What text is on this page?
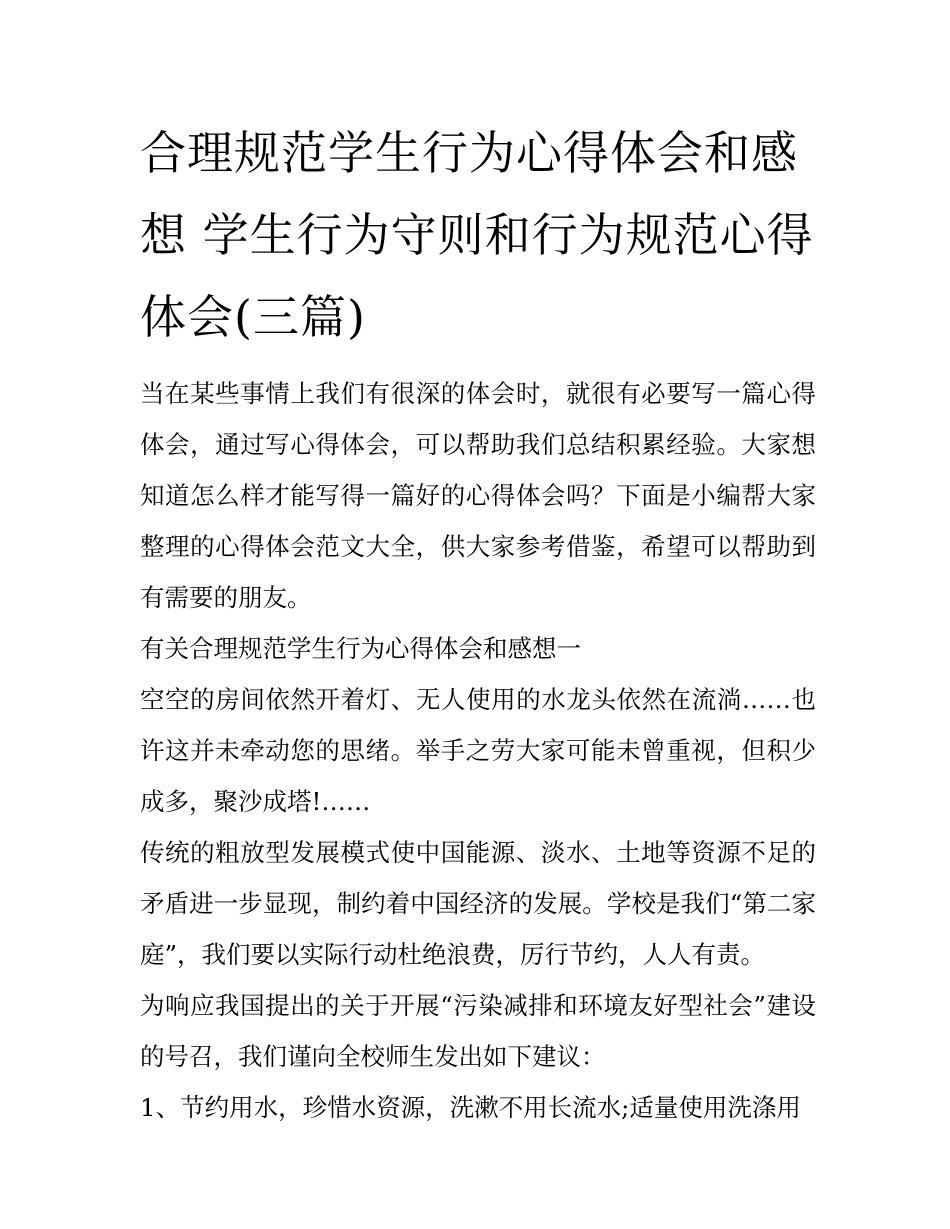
合理规范学生行为心得体会和感想 学生行为守则和行为规范心得体会(三篇)

当在某些事情上我们有很深的体会时，就很有必要写一篇心得体会，通过写心得体会，可以帮助我们总结积累经验。大家想知道怎么样才能写得一篇好的心得体会吗？下面是小编帮大家整理的心得体会范文大全，供大家参考借鉴，希望可以帮助到有需要的朋友。

有关合理规范学生行为心得体会和感想一

空空的房间依然开着灯、无人使用的水龙头依然在流淌……也许这并未牵动您的思绪。举手之劳大家可能未曾重视，但积少成多，聚沙成塔!……

传统的粗放型发展模式使中国能源、淡水、土地等资源不足的矛盾进一步显现，制约着中国经济的发展。学校是我们“第二家庭”，我们要以实际行动杜绝浪费，厉行节约，人人有责。

为响应我国提出的关于开展“污染减排和环境友好型社会”建设的号召，我们谨向全校师生发出如下建议：

1、节约用水，珍惜水资源，洗漱不用长流水;适量使用洗涤用
